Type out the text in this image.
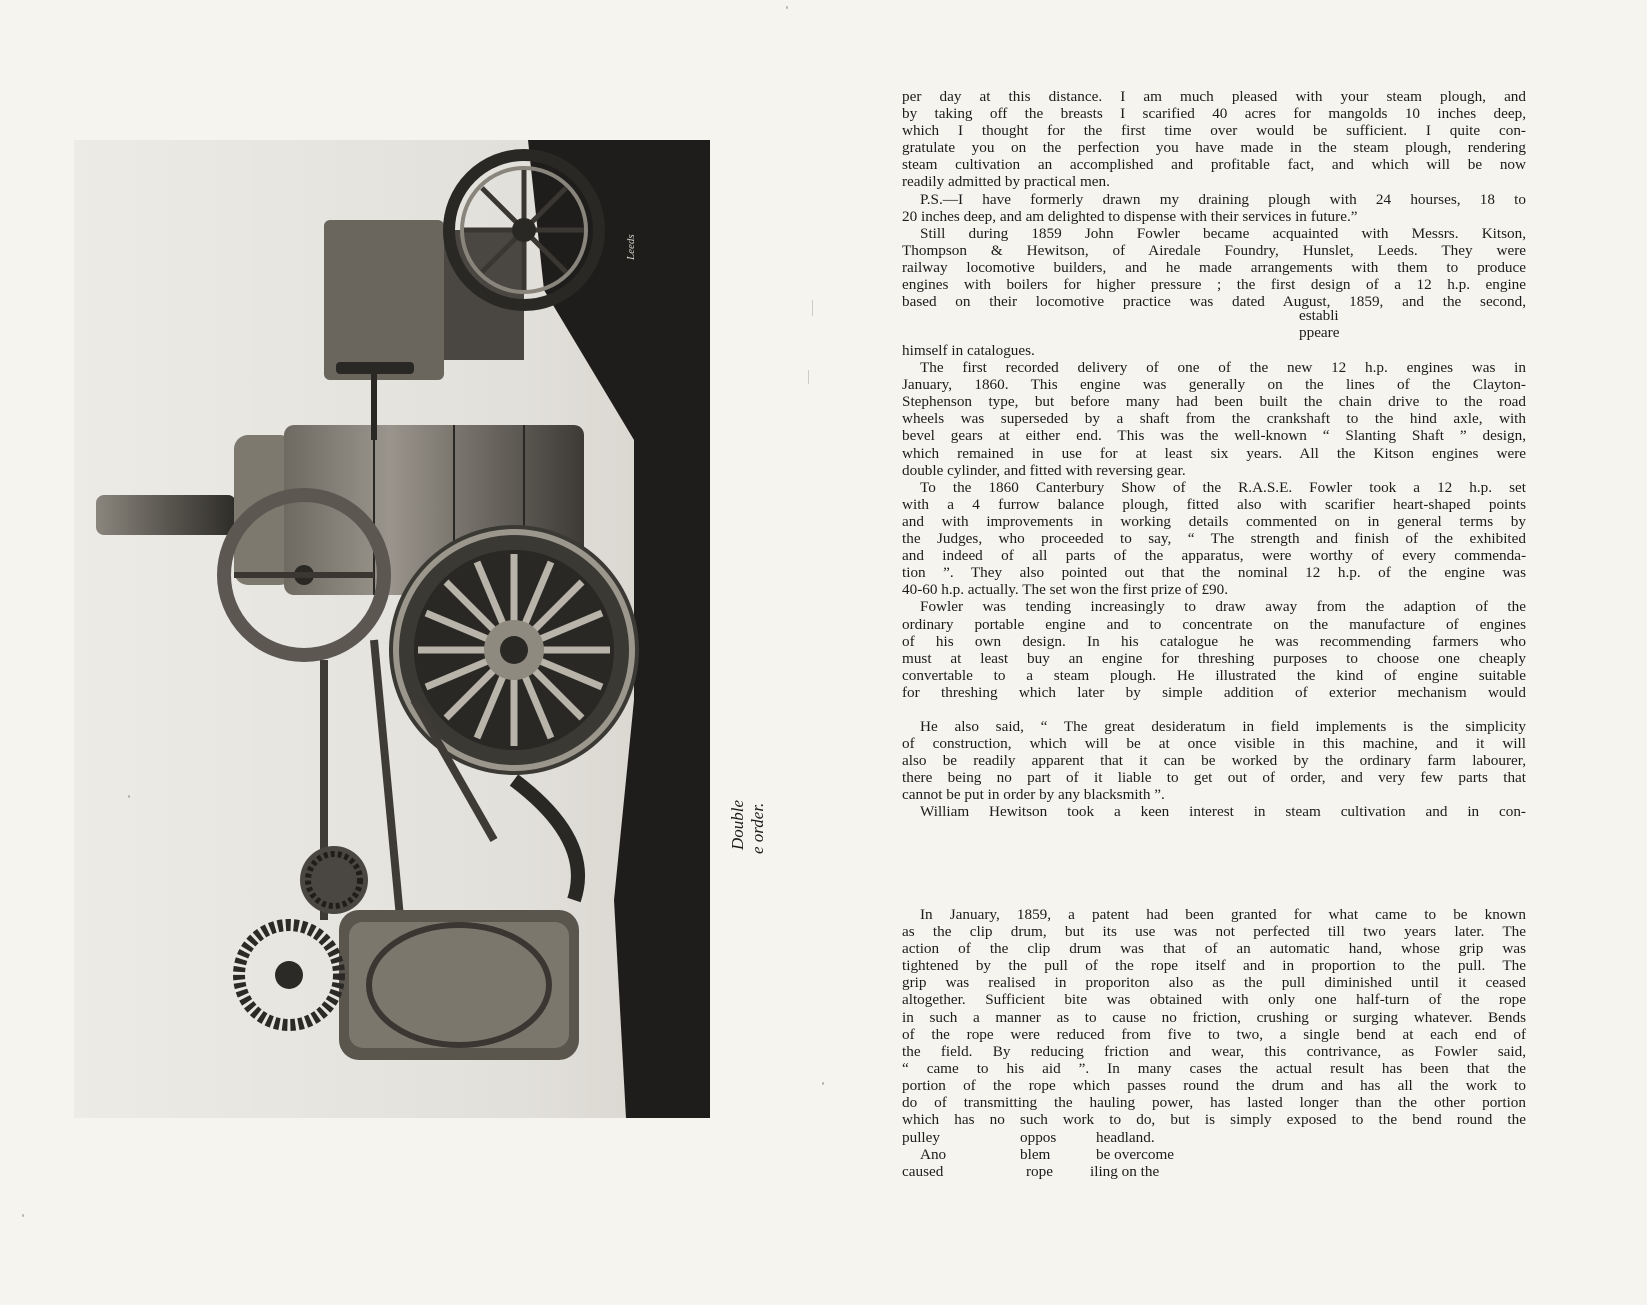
Leeds
Double e order.
per day at this distance. I am much pleased with your steam plough, and
by taking off the breasts I scarified 40 acres for mangolds 10 inches deep,
which I thought for the first time over would be sufficient. I quite con-
gratulate you on the perfection you have made in the steam plough, rendering
steam cultivation an accomplished and profitable fact, and which will be now
readily admitted by practical men.
P.S.—I have formerly drawn my draining plough with 24 hourses, 18 to
20 inches deep, and am delighted to dispense with their services in future.”
Still during 1859 John Fowler became acquainted with Messrs. Kitson,
Thompson & Hewitson, of Airedale Foundry, Hunslet, Leeds. They were
railway locomotive builders, and he made arrangements with them to produce
engines with boilers for higher pressure ; the first design of a 12 h.p. engine
based on their locomotive practice was dated August, 1859, and the second,
establi
ppeare
himself in catalogues.
The first recorded delivery of one of the new 12 h.p. engines was in
January, 1860. This engine was generally on the lines of the Clayton-
Stephenson type, but before many had been built the chain drive to the road
wheels was superseded by a shaft from the crankshaft to the hind axle, with
bevel gears at either end. This was the well-known “ Slanting Shaft ” design,
which remained in use for at least six years. All the Kitson engines were
double cylinder, and fitted with reversing gear.
To the 1860 Canterbury Show of the R.A.S.E. Fowler took a 12 h.p. set
with a 4 furrow balance plough, fitted also with scarifier heart-shaped points
and with improvements in working details commented on in general terms by
the Judges, who proceeded to say, “ The strength and finish of the exhibited
and indeed of all parts of the apparatus, were worthy of every commenda-
tion ”. They also pointed out that the nominal 12 h.p. of the engine was
40-60 h.p. actually. The set won the first prize of £90.
Fowler was tending increasingly to draw away from the adaption of the
ordinary portable engine and to concentrate on the manufacture of engines
of his own design. In his catalogue he was recommending farmers who
must at least buy an engine for threshing purposes to choose one cheaply
convertable to a steam plough. He illustrated the kind of engine suitable
for threshing which later by simple addition of exterior mechanism would
He also said, “ The great desideratum in field implements is the simplicity
of construction, which will be at once visible in this machine, and it will
also be readily apparent that it can be worked by the ordinary farm labourer,
there being no part of it liable to get out of order, and very few parts that
cannot be put in order by any blacksmith ”.
William Hewitson took a keen interest in steam cultivation and in con-
In January, 1859, a patent had been granted for what came to be known
as the clip drum, but its use was not perfected till two years later. The
action of the clip drum was that of an automatic hand, whose grip was
tightened by the pull of the rope itself and in proportion to the pull. The
grip was realised in proporiton also as the pull diminished until it ceased
altogether. Sufficient bite was obtained with only one half-turn of the rope
in such a manner as to cause no friction, crushing or surging whatever. Bends
of the rope were reduced from five to two, a single bend at each end of
the field. By reducing friction and wear, this contrivance, as Fowler said,
“ came to his aid ”. In many cases the actual result has been that the
portion of the rope which passes round the drum and has all the work to
do of transmitting the hauling power, has lasted longer than the other portion
which has no such work to do, but is simply exposed to the bend round the
pulley	oppos	headland.
Ano	blem	be overcome
caused	rope iling on the
